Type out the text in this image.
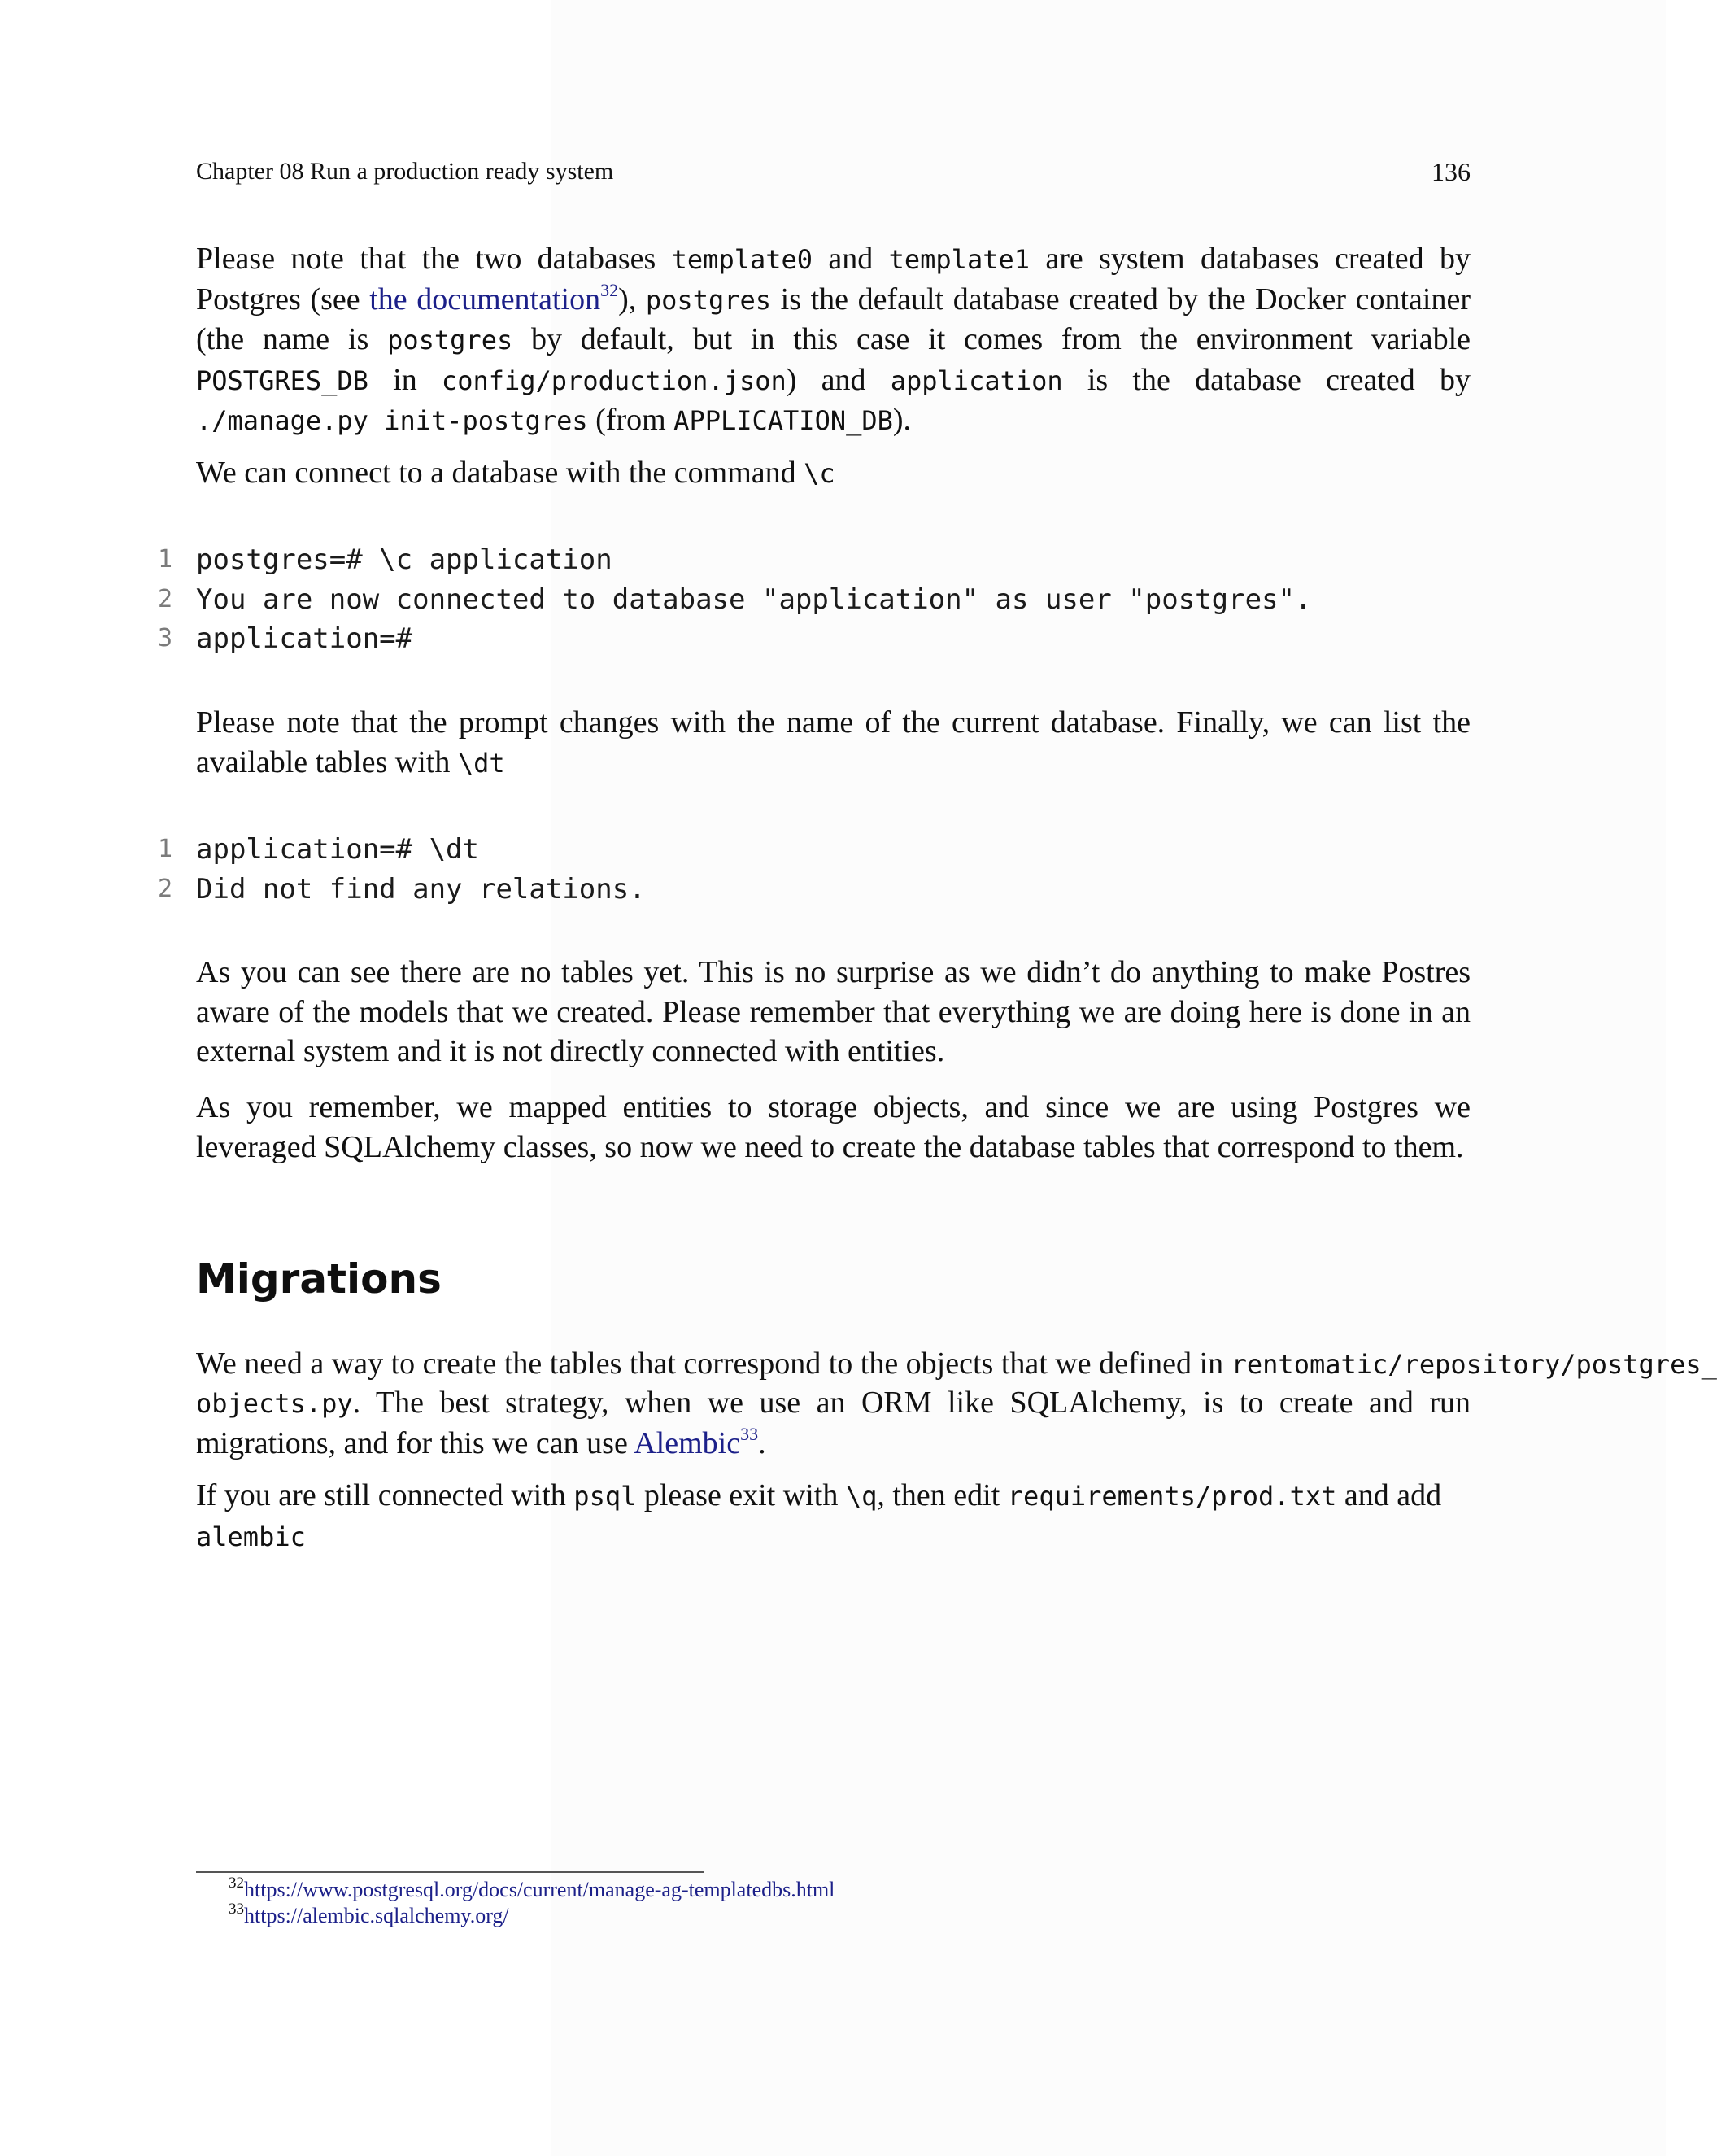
Chapter 08 Run a production ready system	136

Please note that the two databases template0 and template1 are system databases created by Postgres (see the documentation$^{32}$), postgres is the default database created by the Docker container (the name is postgres by default, but in this case it comes from the environment variable POSTGRES_DB in config/production.json) and application is the database created by ./manage.py init-postgres (from APPLICATION_DB).

We can connect to a database with the command \c

1 postgres=# \c application
2 You are now connected to database "application" as user "postgres".
3 application=#

Please note that the prompt changes with the name of the current database. Finally, we can list the available tables with \dt

1 application=# \dt
2 Did not find any relations.

As you can see there are no tables yet. This is no surprise as we didn’t do anything to make Postres aware of the models that we created. Please remember that everything we are doing here is done in an external system and it is not directly connected with entities.

As you remember, we mapped entities to storage objects, and since we are using Postgres we leveraged SQLAlchemy classes, so now we need to create the database tables that correspond to them.

Migrations

We need a way to create the tables that correspond to the objects that we defined in rentomatic/repository/postgres_

objects.py. The best strategy, when we use an ORM like SQLAlchemy, is to create and run migrations, and for this we can use Alembic$^{33}$.

If you are still connected with psql please exit with \q, then edit requirements/prod.txt and add alembic

$^{32}$https://www.postgresql.org/docs/current/manage-ag-templatedbs.html
$^{33}$https://alembic.sqlalchemy.org/
